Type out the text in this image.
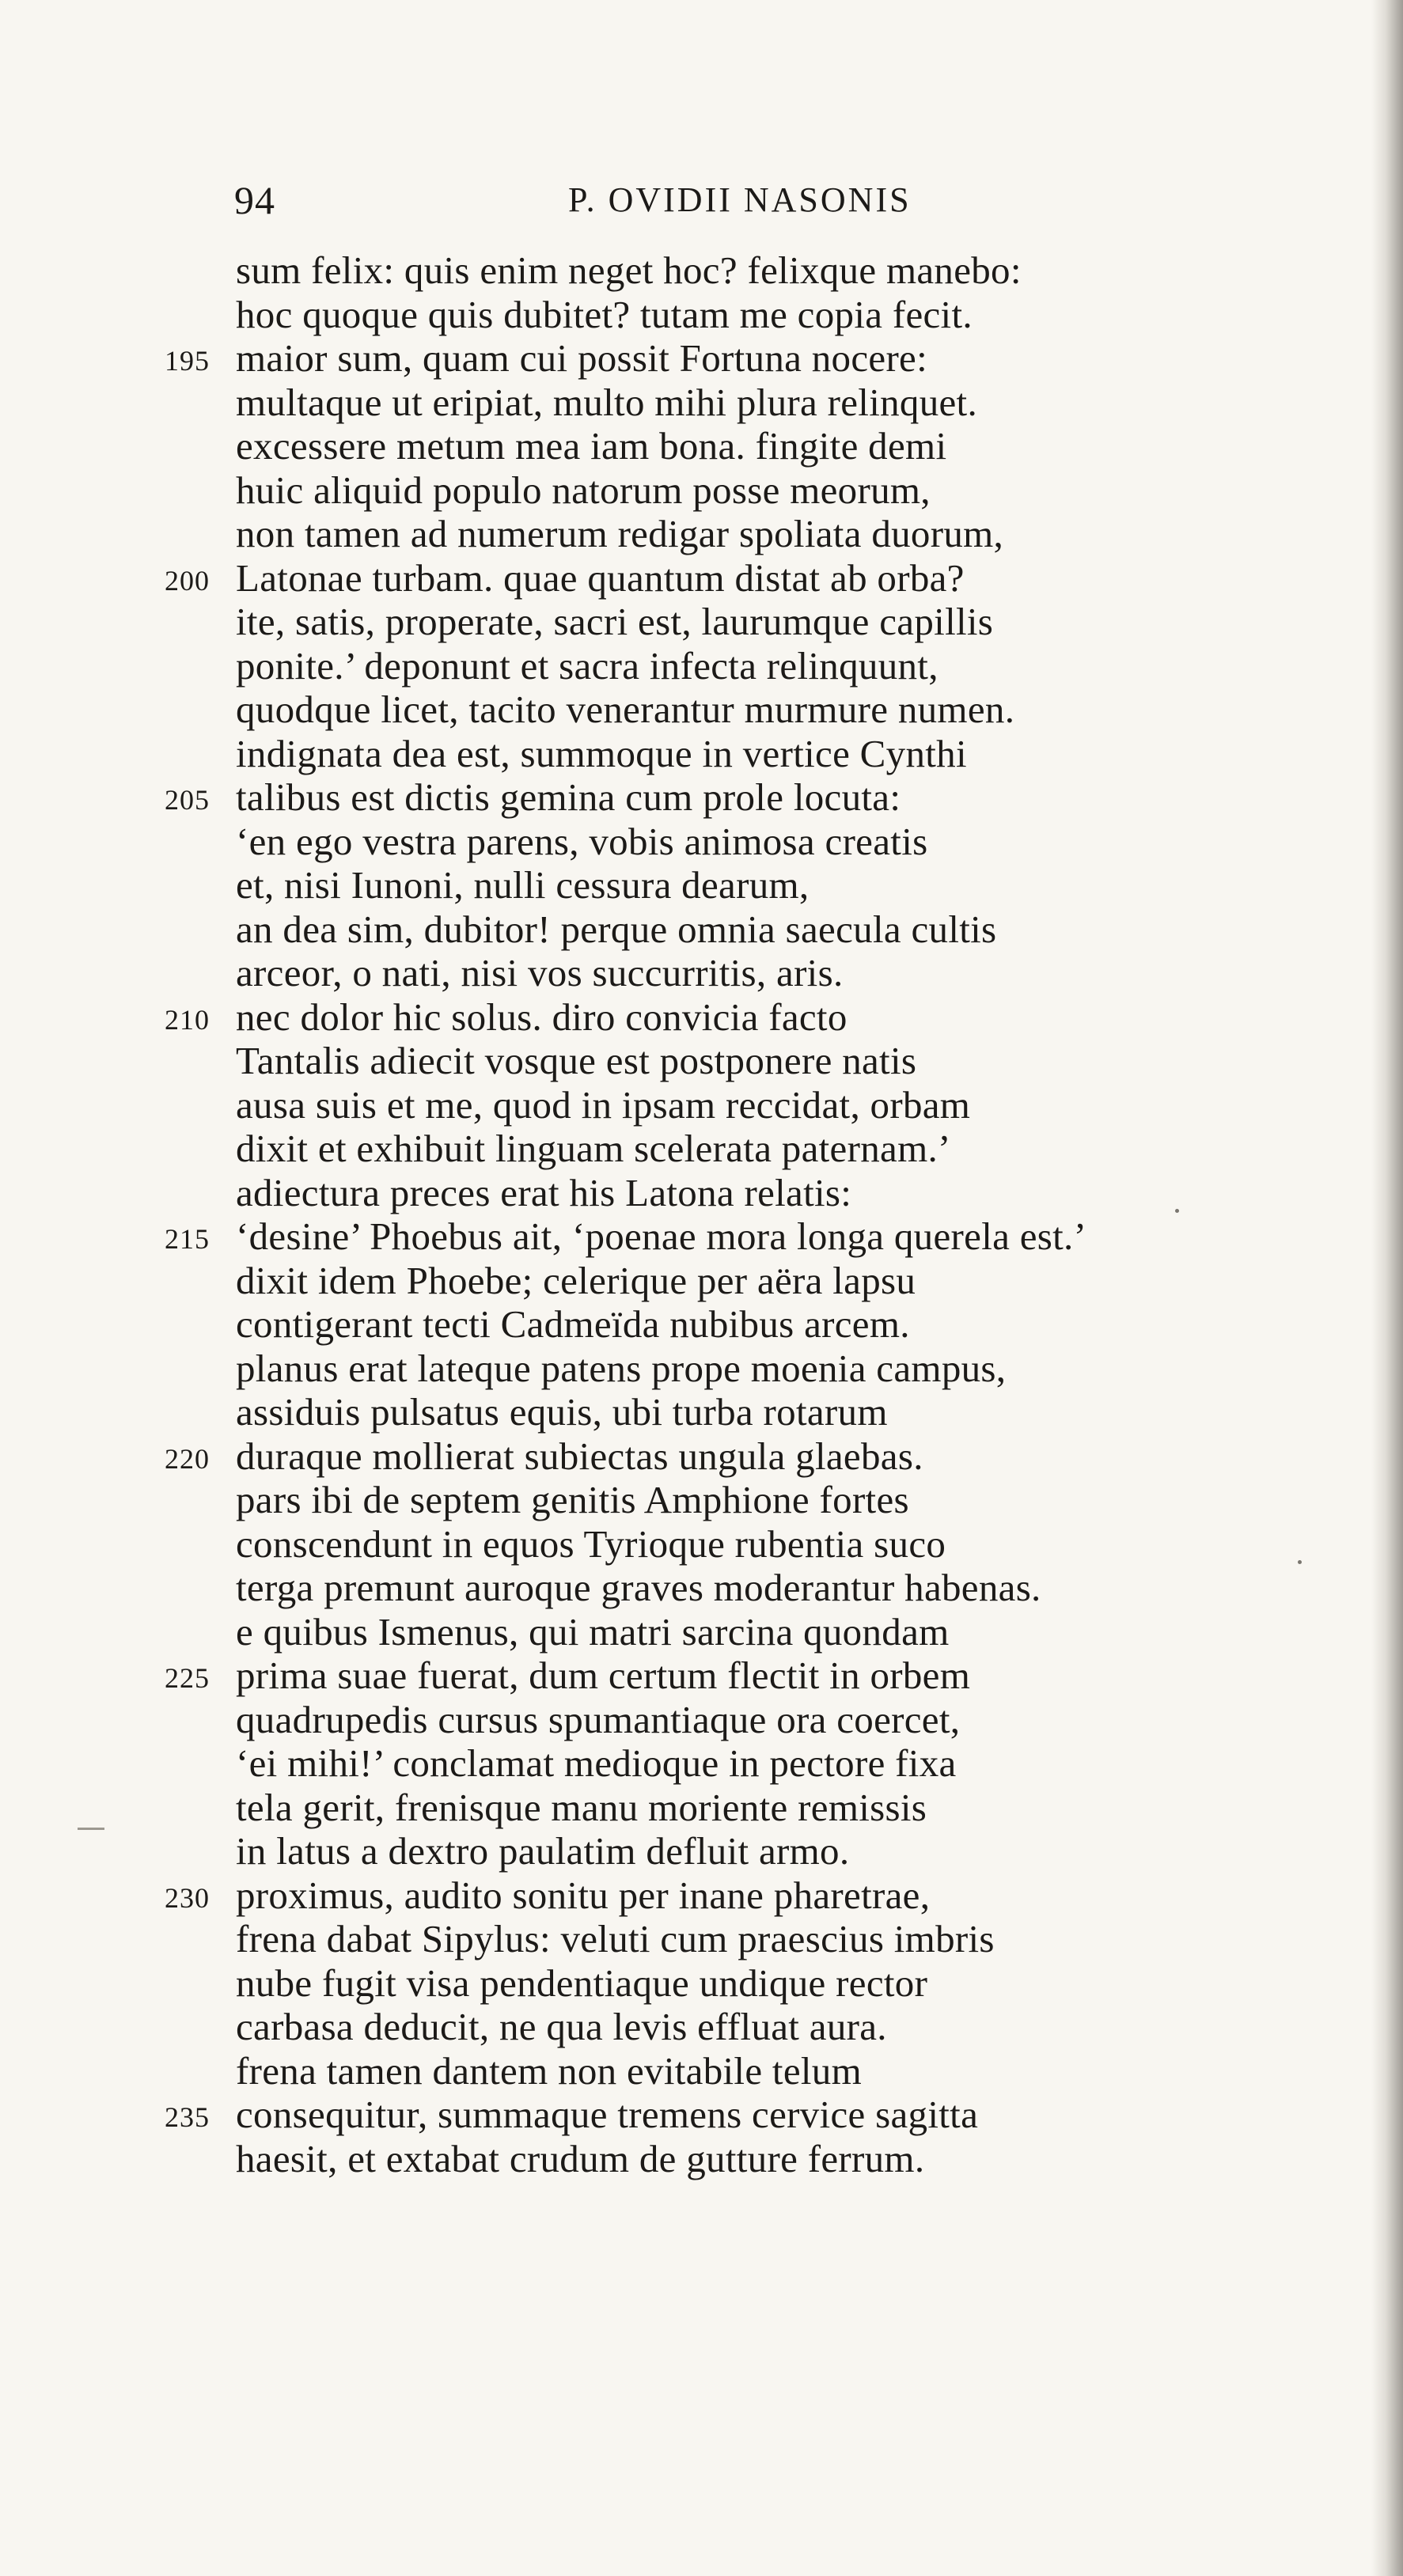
94	P. OVIDII NASONIS
sum felix: quis enim neget hoc? felixque manebo:
hoc quoque quis dubitet? tutam me copia fecit.
195 maior sum, quam cui possit Fortuna nocere:
multaque ut eripiat, multo mihi plura relinquet.
excessere metum mea iam bona. fingite demi
huic aliquid populo natorum posse meorum,
non tamen ad numerum redigar spoliata duorum,
200 Latonae turbam. quae quantum distat ab orba?
ite, satis, properate, sacri est, laurumque capillis
ponite.’ deponunt et sacra infecta relinquunt,
quodque licet, tacito venerantur murmure numen.
indignata dea est, summoque in vertice Cynthi
205 talibus est dictis gemina cum prole locuta:
‘en ego vestra parens, vobis animosa creatis
et, nisi Iunoni, nulli cessura dearum,
an dea sim, dubitor! perque omnia saecula cultis
arceor, o nati, nisi vos succurritis, aris.
210 nec dolor hic solus. diro convicia facto
Tantalis adiecit vosque est postponere natis
ausa suis et me, quod in ipsam reccidat, orbam
dixit et exhibuit linguam scelerata paternam.’
adiectura preces erat his Latona relatis:
215 ‘desine’ Phoebus ait, ‘poenae mora longa querela est.’
dixit idem Phoebe; celerique per aëra lapsu
contigerant tecti Cadmeïda nubibus arcem.
planus erat lateque patens prope moenia campus,
assiduis pulsatus equis, ubi turba rotarum
220 duraque mollierat subiectas ungula glaebas.
pars ibi de septem genitis Amphione fortes
conscendunt in equos Tyrioque rubentia suco
terga premunt auroque graves moderantur habenas.
e quibus Ismenus, qui matri sarcina quondam
225 prima suae fuerat, dum certum flectit in orbem
quadrupedis cursus spumantiaque ora coercet,
‘ei mihi!’ conclamat medioque in pectore fixa
tela gerit, frenisque manu moriente remissis
in latus a dextro paulatim defluit armo.
230 proximus, audito sonitu per inane pharetrae,
frena dabat Sipylus: veluti cum praescius imbris
nube fugit visa pendentiaque undique rector
carbasa deducit, ne qua levis effluat aura.
frena tamen dantem non evitabile telum
235 consequitur, summaque tremens cervice sagitta
haesit, et extabat crudum de gutture ferrum.
